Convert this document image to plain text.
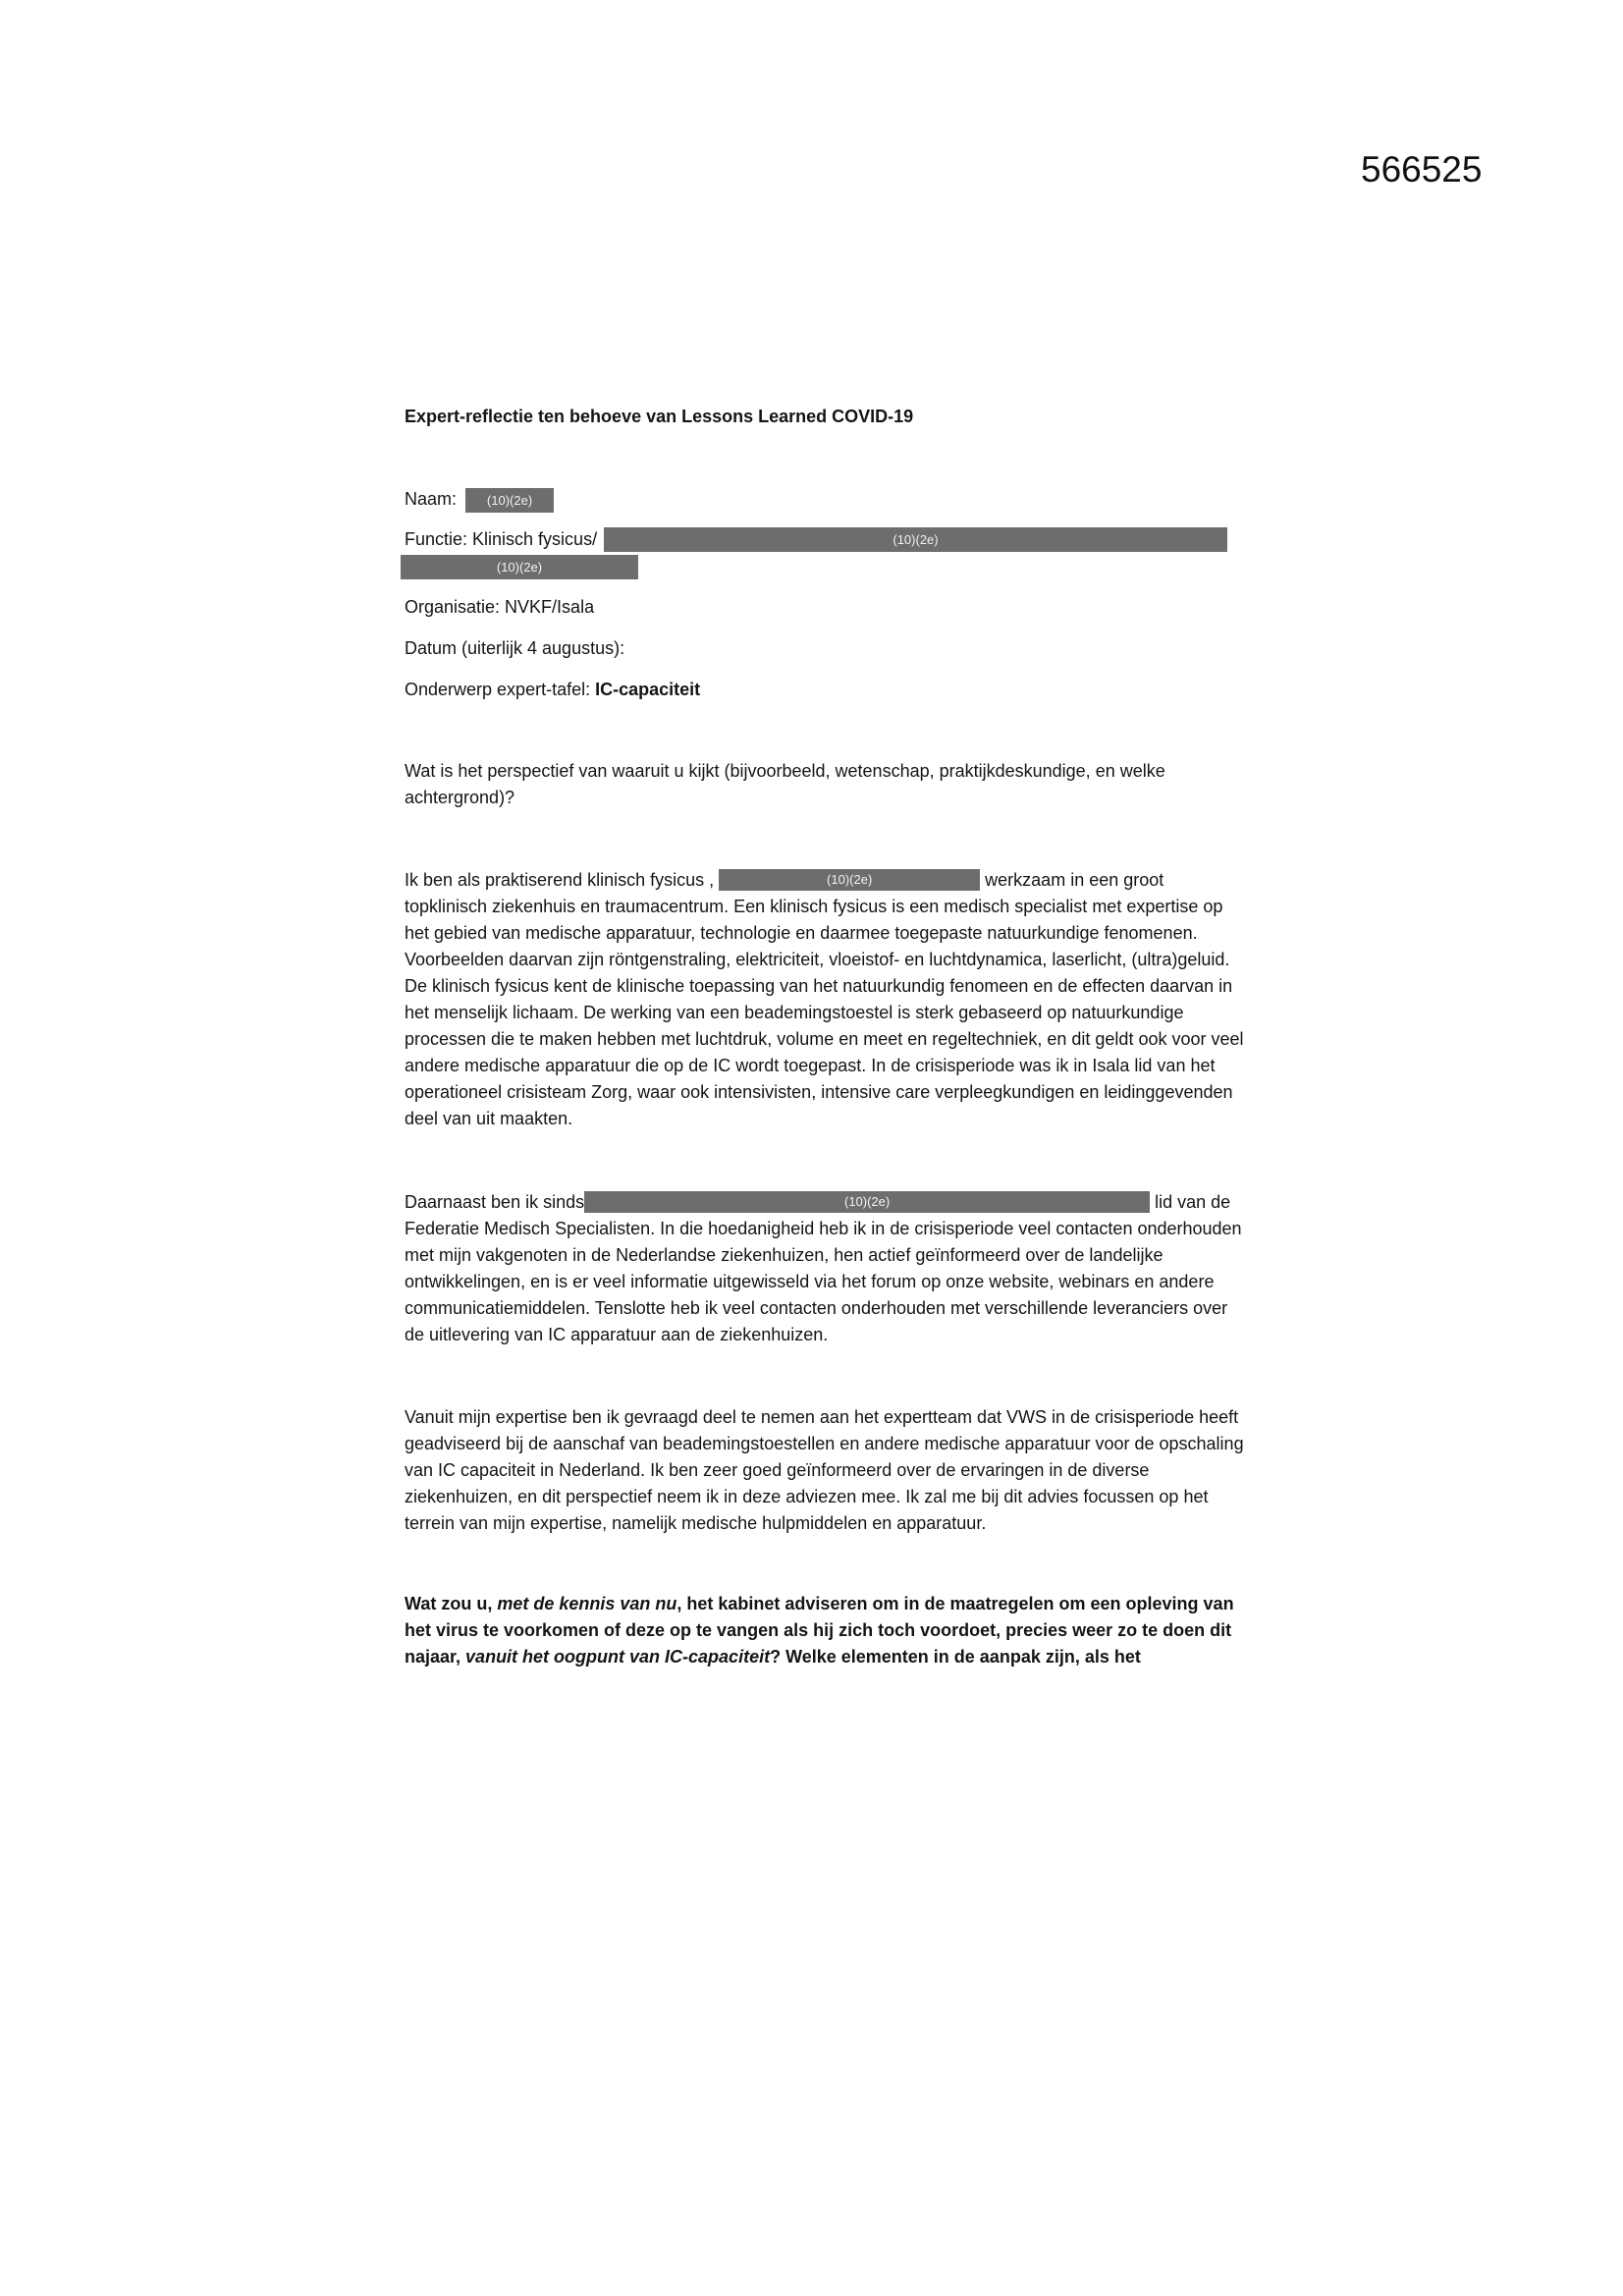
566525
Expert-reflectie ten behoeve van Lessons Learned COVID-19
Naam: (10)(2e)
Functie: Klinisch fysicus/	(10)(2e)
(10)(2e)
Organisatie: NVKF/Isala
Datum (uiterlijk 4 augustus):
Onderwerp expert-tafel: IC-capaciteit
Wat is het perspectief van waaruit u kijkt (bijvoorbeeld, wetenschap, praktijkdeskundige, en welke achtergrond)?

Ik ben als praktiserend klinisch fysicus ,	(10)(2e)	werkzaam in een groot topklinisch ziekenhuis en traumacentrum. Een klinisch fysicus is een medisch specialist met expertise op het gebied van medische apparatuur, technologie en daarmee toegepaste natuurkundige fenomenen. Voorbeelden daarvan zijn röntgenstraling, elektriciteit, vloeistof- en luchtdynamica, laserlicht, (ultra)geluid. De klinisch fysicus kent de klinische toepassing van het natuurkundig fenomeen en de effecten daarvan in het menselijk lichaam. De werking van een beademingstoestel is sterk gebaseerd op natuurkundige processen die te maken hebben met luchtdruk, volume en meet en regeltechniek, en dit geldt ook voor veel andere medische apparatuur die op de IC wordt toegepast. In de crisisperiode was ik in Isala lid van het operationeel crisisteam Zorg, waar ook intensivisten, intensive care verpleegkundigen en leidinggevenden deel van uit maakten.

Daarnaast ben ik sinds	(10)(2e)	lid van de Federatie Medisch Specialisten. In die hoedanigheid heb ik in de crisisperiode veel contacten onderhouden met mijn vakgenoten in de Nederlandse ziekenhuizen, hen actief geïnformeerd over de landelijke ontwikkelingen, en is er veel informatie uitgewisseld via het forum op onze website, webinars en andere communicatiemiddelen. Tenslotte heb ik veel contacten onderhouden met verschillende leveranciers over de uitlevering van IC apparatuur aan de ziekenhuizen.

Vanuit mijn expertise ben ik gevraagd deel te nemen aan het expertteam dat VWS in de crisisperiode heeft geadviseerd bij de aanschaf van beademingstoestellen en andere medische apparatuur voor de opschaling van IC capaciteit in Nederland. Ik ben zeer goed geïnformeerd over de ervaringen in de diverse ziekenhuizen, en dit perspectief neem ik in deze adviezen mee. Ik zal me bij dit advies focussen op het terrein van mijn expertise, namelijk medische hulpmiddelen en apparatuur.
Wat zou u, met de kennis van nu, het kabinet adviseren om in de maatregelen om een opleving van het virus te voorkomen of deze op te vangen als hij zich toch voordoet, precies weer zo te doen dit najaar, vanuit het oogpunt van IC-capaciteit? Welke elementen in de aanpak zijn, als het
